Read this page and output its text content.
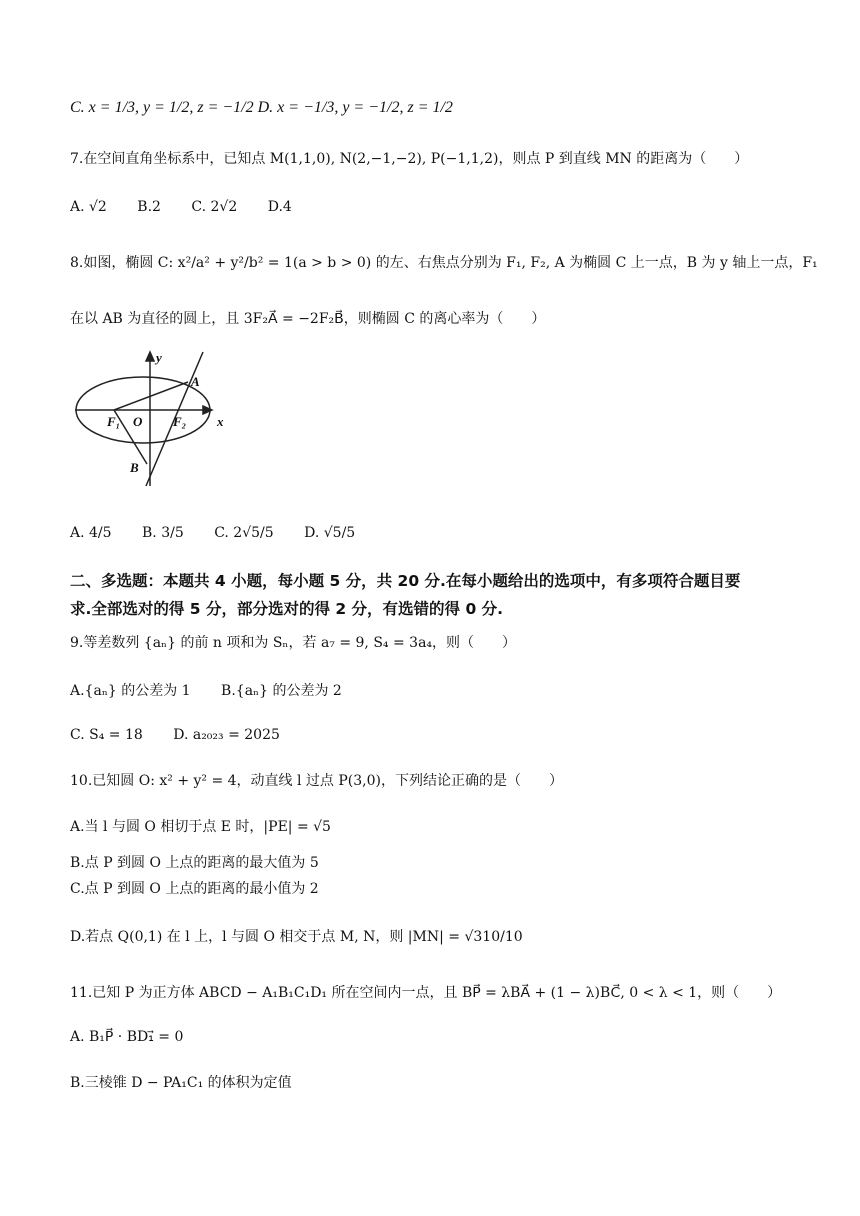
C. x = 1/3, y = 1/2, z = −1/2 D. x = −1/3, y = −1/2, z = 1/2
7.在空间直角坐标系中，已知点 M(1,1,0), N(2,−1,−2), P(−1,1,2)，则点 P 到直线 MN 的距离为（　　）
A. √2 B.2 C. 2√2 D.4
8.如图，椭圆 C: x²/a² + y²/b² = 1(a > b > 0) 的左、右焦点分别为 F₁, F₂, A 为椭圆 C 上一点，B 为 y 轴上一点，F₁
在以 AB 为直径的圆上，且 3F₂A⃗ = −2F₂B⃗，则椭圆 C 的离心率为（　　）
y
x
A
B
O
F₁	F₂
A. 4/5 B. 3/5 C. 2√5/5 D. √5/5
二、多选题：本题共 4 小题，每小题 5 分，共 20 分.在每小题给出的选项中，有多项符合题目要
求.全部选对的得 5 分，部分选对的得 2 分，有选错的得 0 分.
9.等差数列 {aₙ} 的前 n 项和为 Sₙ，若 a₇ = 9, S₄ = 3a₄，则（　　）
A.{aₙ} 的公差为 1 B.{aₙ} 的公差为 2
C. S₄ = 18 D. a₂₀₂₃ = 2025
10.已知圆 O: x² + y² = 4，动直线 l 过点 P(3,0)，下列结论正确的是（　　）
A.当 l 与圆 O 相切于点 E 时，|PE| = √5
B.点 P 到圆 O 上点的距离的最大值为 5
C.点 P 到圆 O 上点的距离的最小值为 2
D.若点 Q(0,1) 在 l 上，l 与圆 O 相交于点 M, N，则 |MN| = √310/10
11.已知 P 为正方体 ABCD − A₁B₁C₁D₁ 所在空间内一点，且 BP⃗ = λBA⃗ + (1 − λ)BC⃗, 0 < λ < 1，则（　　）
A. B₁P⃗ · BD₁⃗ = 0
B.三棱锥 D − PA₁C₁ 的体积为定值
